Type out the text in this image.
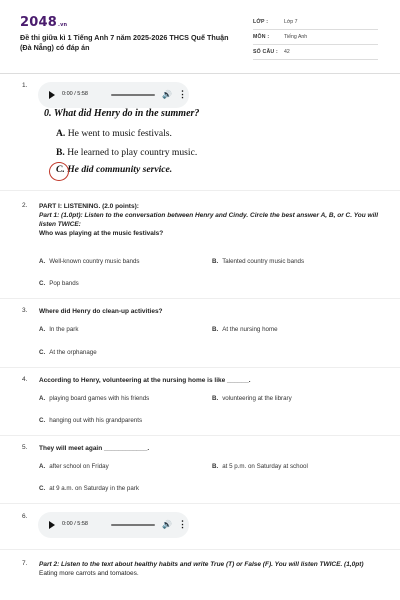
2048.vn
Đề thi giữa kì 1 Tiếng Anh 7 năm 2025-2026 THCS Quế Thuận (Đà Nẵng) có đáp án
LỚP :	Lớp 7
MÔN :	Tiếng Anh
SỐ CÂU : 42
1.
0:00 / 5:58	🔊 ⋮
0. What did Henry do in the summer?
A. He went to music festivals.
B. He learned to play country music.
C. He did community service.
2. PART I: LISTENING. (2.0 points):
Part 1: (1.0pt): Listen to the conversation between Henry and Cindy. Circle the best answer A, B, or C. You will listen TWICE:
Who was playing at the music festivals?
A. Well-known country music bands	B. Talented country music bands
C. Pop bands
3. Where did Henry do clean-up activities?
A. In the park	B. At the nursing home
C. At the orphanage
4. According to Henry, volunteering at the nursing home is like ______.
A. playing board games with his friends	B. volunteering at the library
C. hanging out with his grandparents
5. They will meet again ____________.
A. after school on Friday	B. at 5 p.m. on Saturday at school
C. at 9 a.m. on Saturday in the park
6.
0:00 / 5:58	🔊 ⋮
7. Part 2: Listen to the text about healthy habits and write True (T) or False (F). You will listen TWICE. (1,0pt)
Eating more carrots and tomatoes.
